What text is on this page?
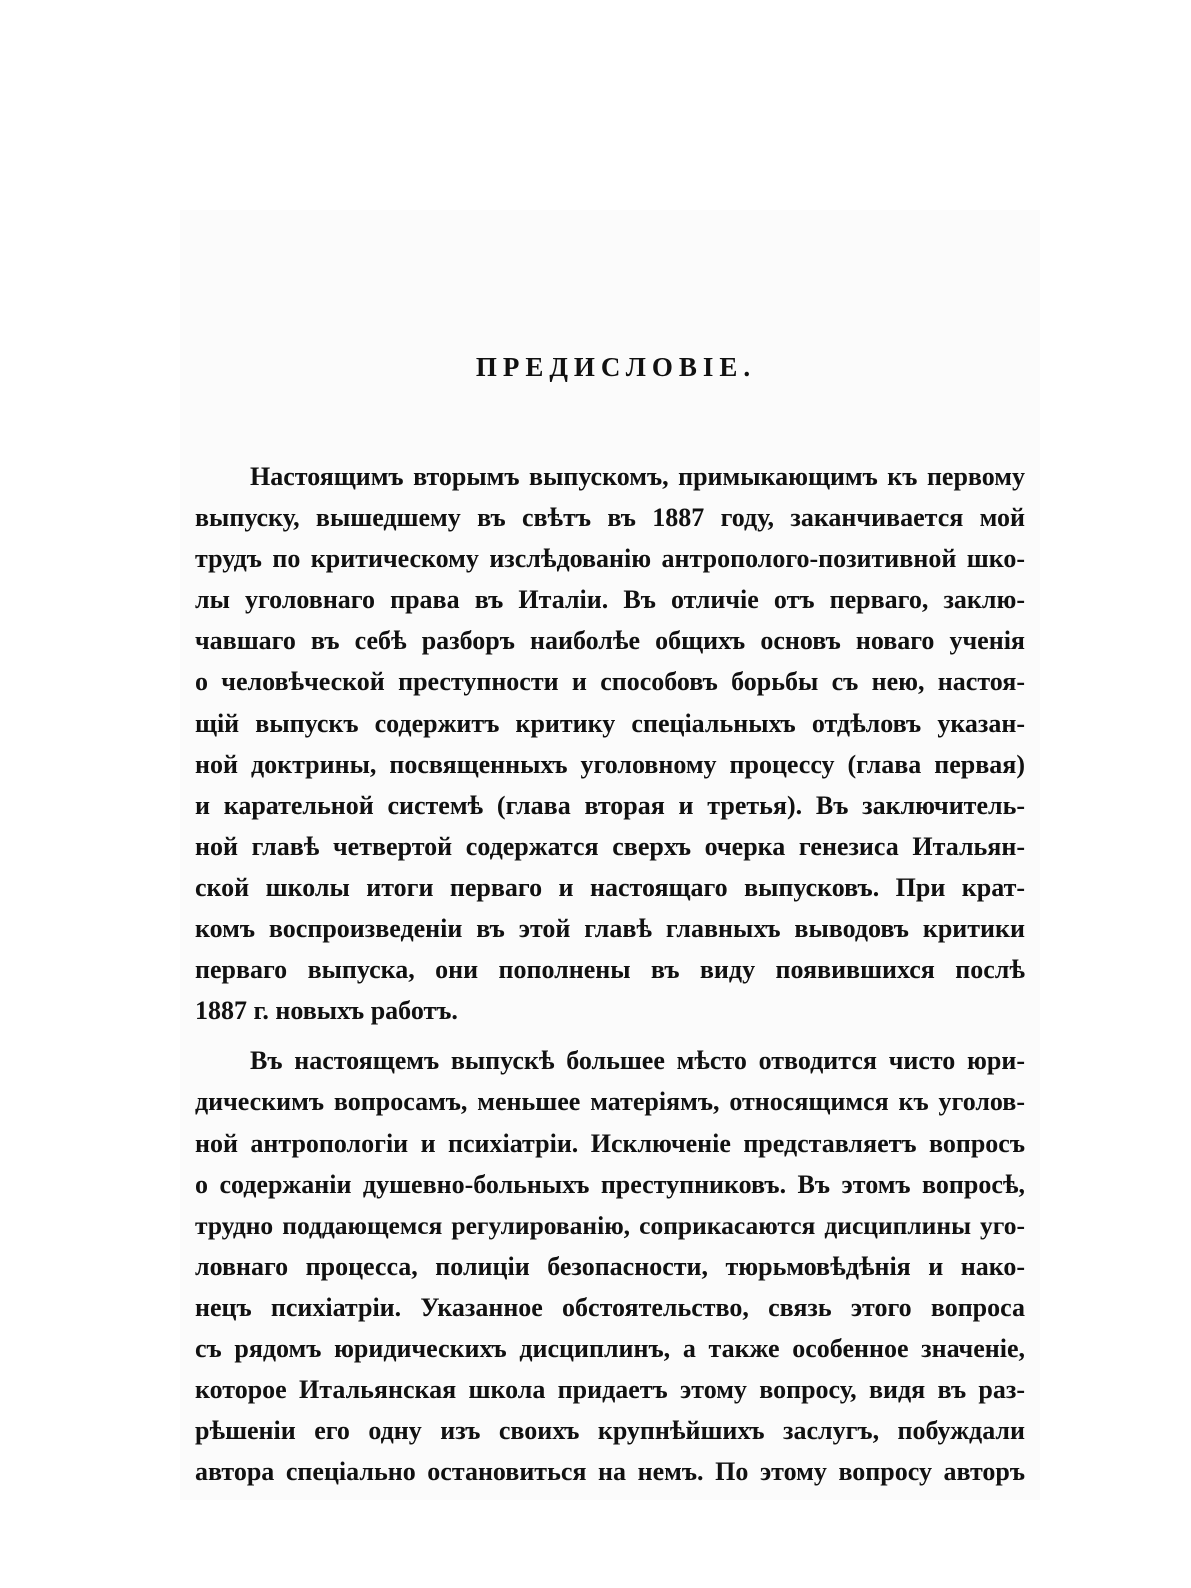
ПРЕДИСЛОВІЕ.
Настоящимъ вторымъ выпускомъ, примыкающимъ къ первому
выпуску, вышедшему въ свѣтъ въ 1887 году, заканчивается мой
трудъ по критическому изслѣдованію антрополого-позитивной шко-
лы уголовнаго права въ Италіи. Въ отличіе отъ перваго, заклю-
чавшаго въ себѣ разборъ наиболѣе общихъ основъ новаго ученія
о человѣческой преступности и способовъ борьбы съ нею, настоя-
щій выпускъ содержитъ критику спеціальныхъ отдѣловъ указан-
ной доктрины, посвященныхъ уголовному процессу (глава первая)
и карательной системѣ (глава вторая и третья). Въ заключитель-
ной главѣ четвертой содержатся сверхъ очерка генезиса Итальян-
ской школы итоги перваго и настоящаго выпусковъ. При крат-
комъ воспроизведеніи въ этой главѣ главныхъ выводовъ критики
перваго выпуска, они пополнены въ виду появившихся послѣ
1887 г. новыхъ работъ.
Въ настоящемъ выпускѣ большее мѣсто отводится чисто юри-
дическимъ вопросамъ, меньшее матеріямъ, относящимся къ уголов-
ной антропологіи и психіатріи. Исключеніе представляетъ вопросъ
о содержаніи душевно-больныхъ преступниковъ. Въ этомъ вопросѣ,
трудно поддающемся регулированію, соприкасаются дисциплины уго-
ловнаго процесса, полиціи безопасности, тюрьмовѣдѣнія и нако-
нецъ психіатріи. Указанное обстоятельство, связь этого вопроса
съ рядомъ юридическихъ дисциплинъ, а также особенное значеніе,
которое Итальянская школа придаетъ этому вопросу, видя въ раз-
рѣшеніи его одну изъ своихъ крупнѣйшихъ заслугъ, побуждали
автора спеціально остановиться на немъ. По этому вопросу авторъ
